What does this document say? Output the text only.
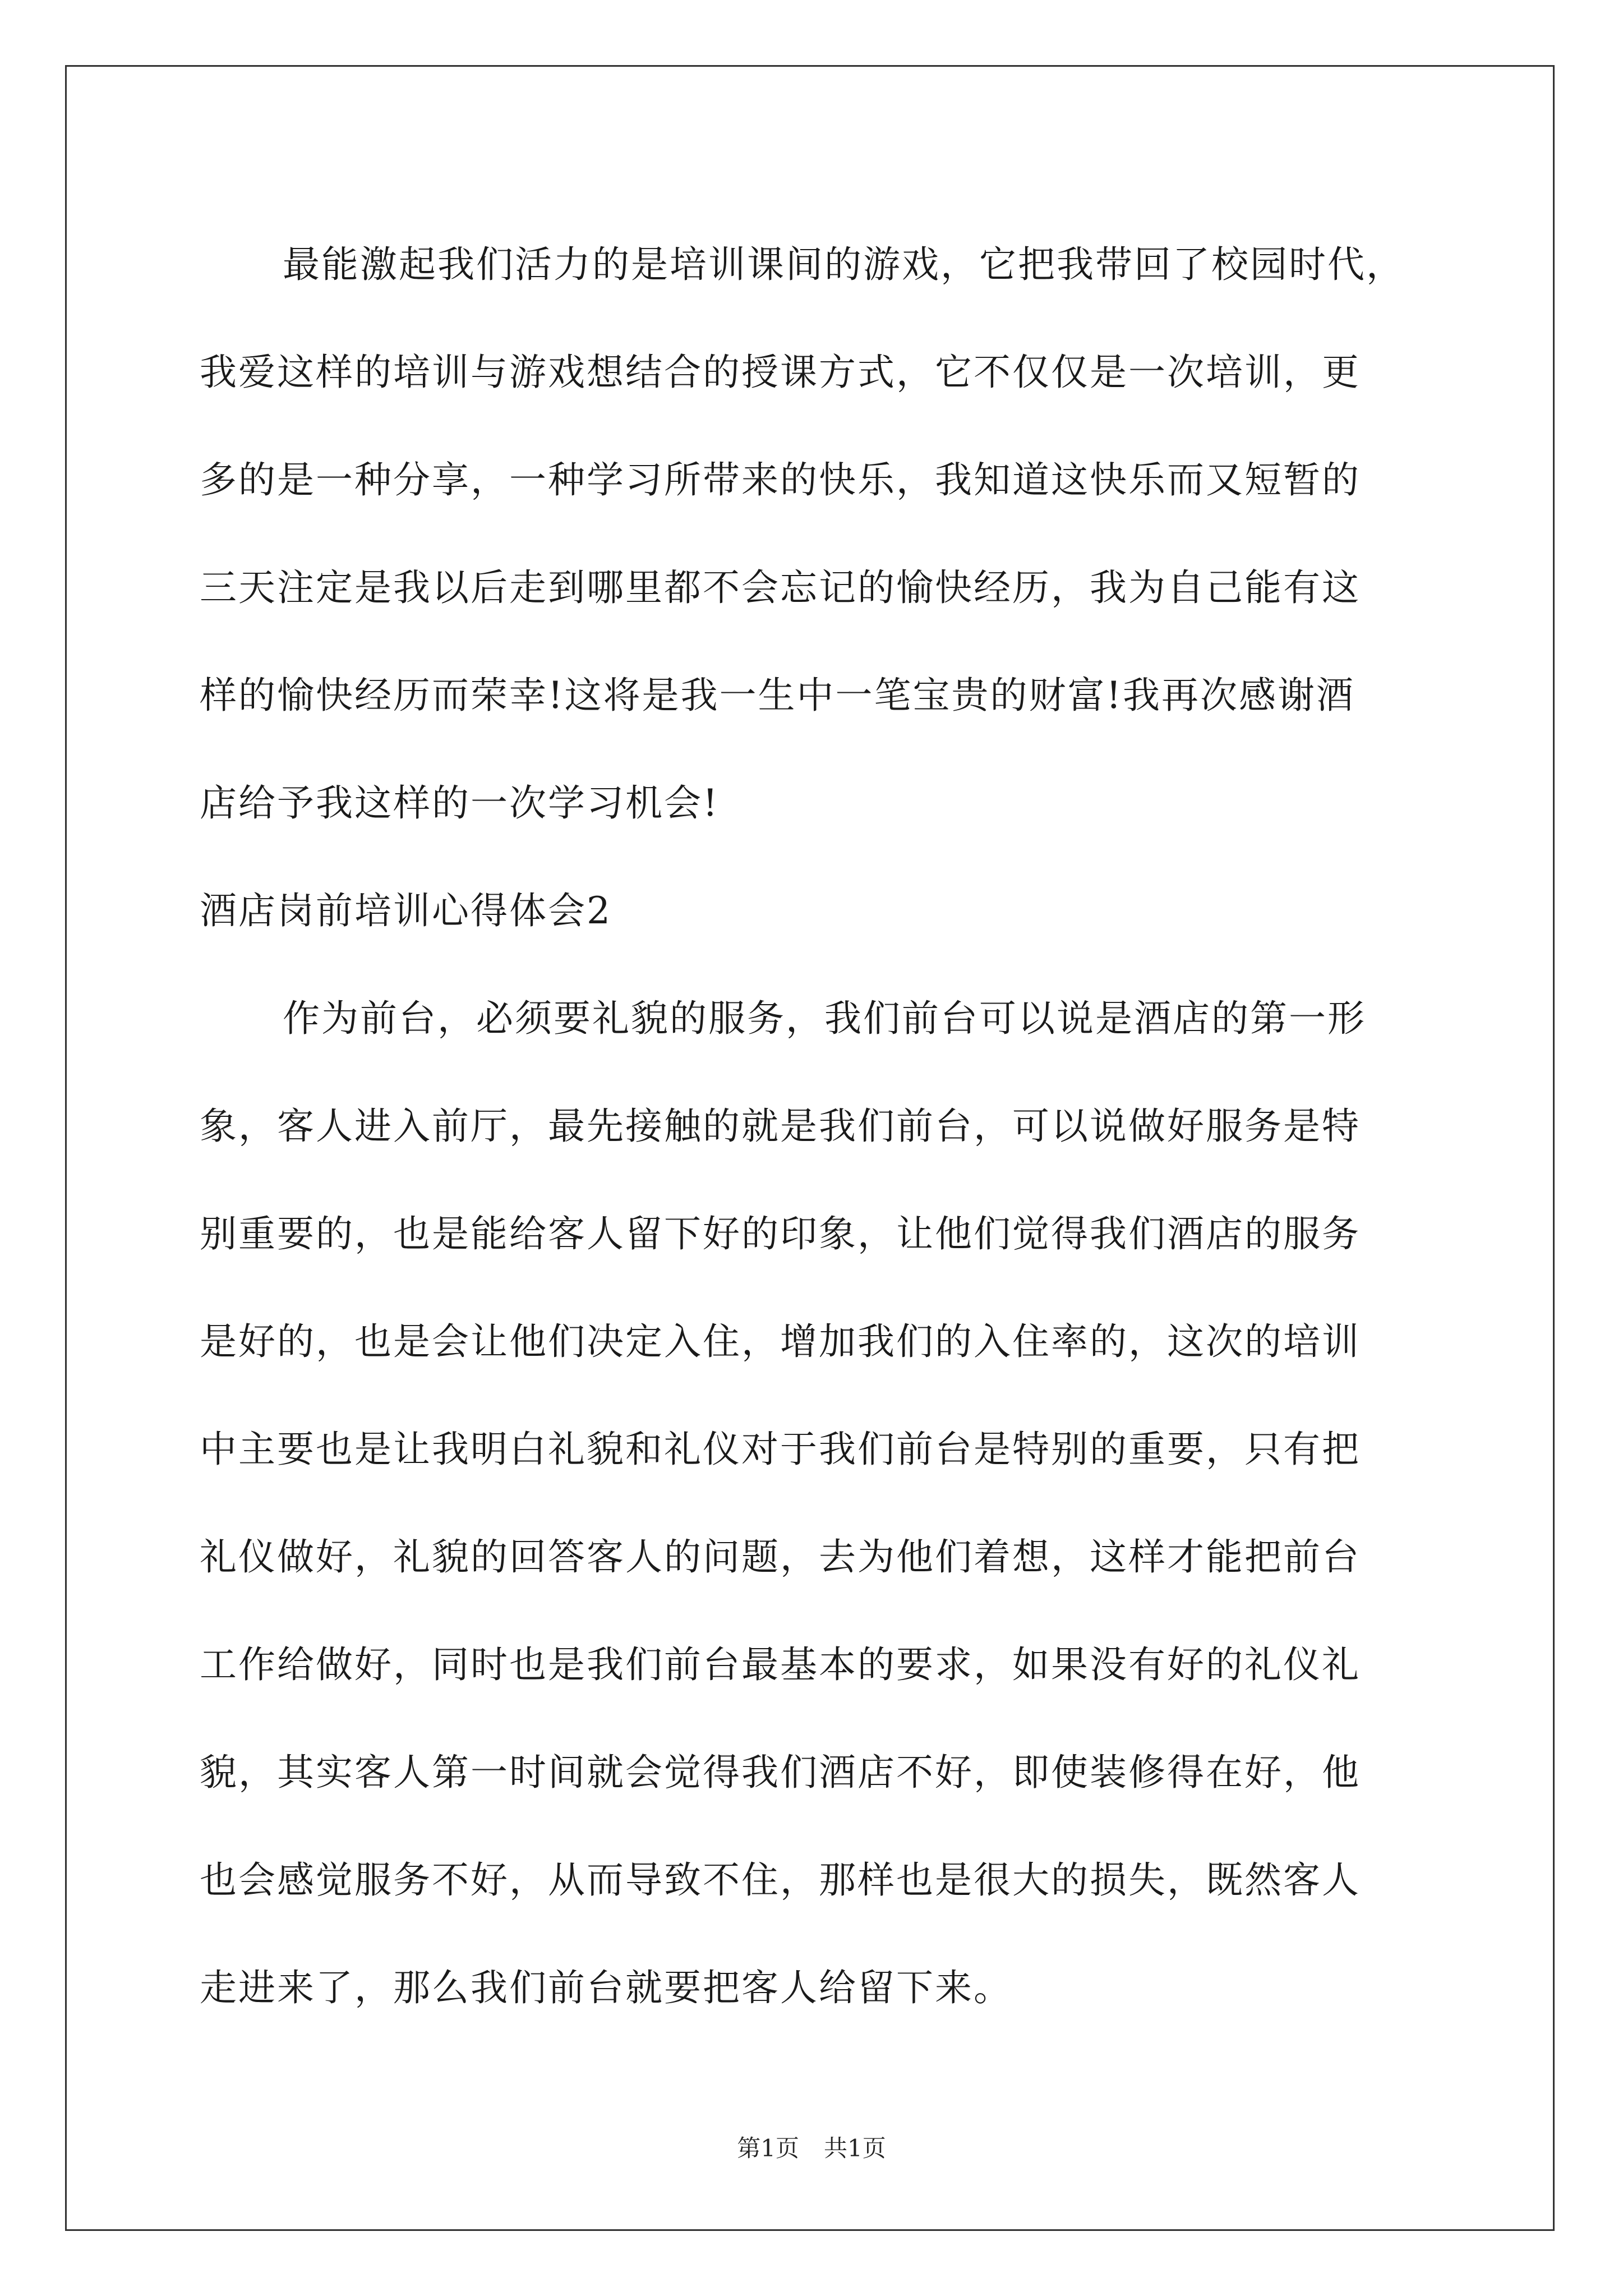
最能激起我们活力的是培训课间的游戏，它把我带回了校园时代，
我爱这样的培训与游戏想结合的授课方式，它不仅仅是一次培训，更
多的是一种分享，一种学习所带来的快乐，我知道这快乐而又短暂的
三天注定是我以后走到哪里都不会忘记的愉快经历，我为自己能有这
样的愉快经历而荣幸!这将是我一生中一笔宝贵的财富!我再次感谢酒
店给予我这样的一次学习机会!
酒店岗前培训心得体会2
作为前台，必须要礼貌的服务，我们前台可以说是酒店的第一形
象，客人进入前厅，最先接触的就是我们前台，可以说做好服务是特
别重要的，也是能给客人留下好的印象，让他们觉得我们酒店的服务
是好的，也是会让他们决定入住，增加我们的入住率的，这次的培训
中主要也是让我明白礼貌和礼仪对于我们前台是特别的重要，只有把
礼仪做好，礼貌的回答客人的问题，去为他们着想，这样才能把前台
工作给做好，同时也是我们前台最基本的要求，如果没有好的礼仪礼
貌，其实客人第一时间就会觉得我们酒店不好，即使装修得在好，他
也会感觉服务不好，从而导致不住，那样也是很大的损失，既然客人
走进来了，那么我们前台就要把客人给留下来。
第1页 共1页
